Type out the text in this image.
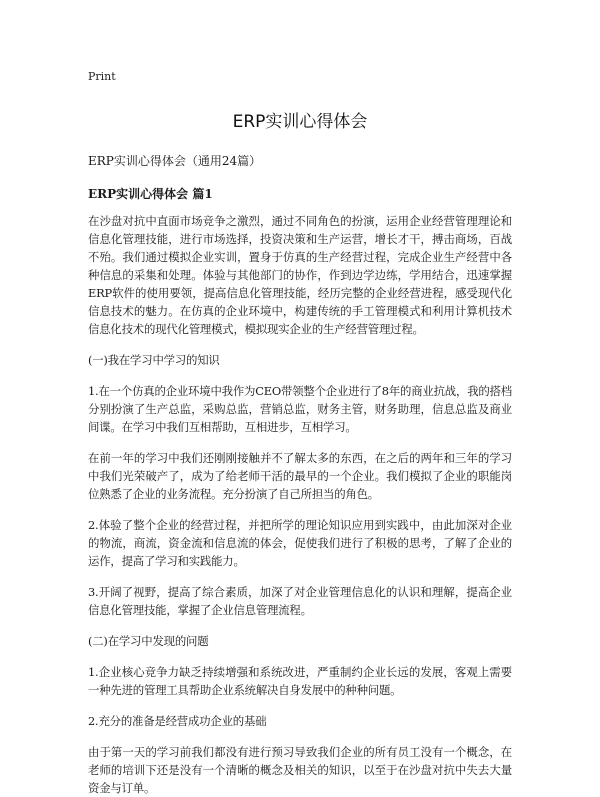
Print
ERP实训心得体会

ERP实训心得体会（通用24篇）

ERP实训心得体会 篇1

在沙盘对抗中直面市场竞争之激烈，通过不同角色的扮演，运用企业经营管理理论和信息化管理技能，进行市场选择，投资决策和生产运营，增长才干，搏击商场，百战不殆。我们通过模拟企业实训，置身于仿真的生产经营过程，完成企业生产经营中各种信息的采集和处理。体验与其他部门的协作，作到边学边练，学用结合，迅速掌握ERP软件的使用要领，提高信息化管理技能，经历完整的企业经营进程，感受现代化信息技术的魅力。在仿真的企业环境中，构建传统的手工管理模式和利用计算机技术信息化技术的现代化管理模式，模拟现实企业的生产经营管理过程。

(一)我在学习中学习的知识

1.在一个仿真的企业环境中我作为CEO带领整个企业进行了8年的商业抗战，我的搭档分别扮演了生产总监，采购总监，营销总监，财务主管，财务助理，信息总监及商业间谍。在学习中我们互相帮助，互相进步，互相学习。

在前一年的学习中我们还刚刚接触并不了解太多的东西，在之后的两年和三年的学习中我们光荣破产了，成为了给老师干活的最早的一个企业。我们模拟了企业的职能岗位熟悉了企业的业务流程。充分扮演了自己所担当的角色。

2.体验了整个企业的经营过程，并把所学的理论知识应用到实践中，由此加深对企业的物流，商流，资金流和信息流的体会，促使我们进行了积极的思考，了解了企业的运作，提高了学习和实践能力。

3.开阔了视野，提高了综合素质，加深了对企业管理信息化的认识和理解，提高企业信息化管理技能，掌握了企业信息管理流程。

(二)在学习中发现的问题

1.企业核心竞争力缺乏持续增强和系统改进，严重制约企业长远的发展，客观上需要一种先进的管理工具帮助企业系统解决自身发展中的种种问题。

2.充分的准备是经营成功企业的基础

由于第一天的学习前我们都没有进行预习导致我们企业的所有员工没有一个概念，在老师的培训下还是没有一个清晰的概念及相关的知识，以至于在沙盘对抗中失去大量资金与订单。
